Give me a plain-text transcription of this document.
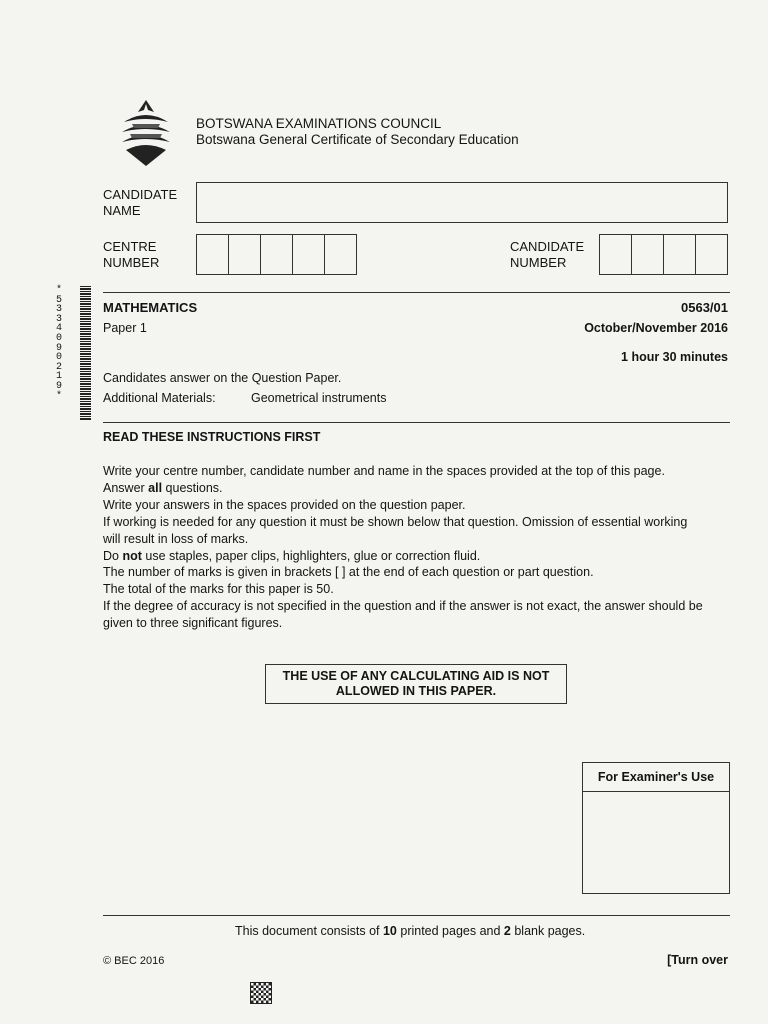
BOTSWANA EXAMINATIONS COUNCIL
Botswana General Certificate of Secondary Education
CANDIDATE
NAME
CENTRE
NUMBER
CANDIDATE
NUMBER
*
5
3
3
4
0
9
0
2
1
9
*
MATHEMATICS	0563/01
Paper 1	October/November 2016
1 hour 30 minutes
Candidates answer on the Question Paper.
Additional Materials:	Geometrical instruments
READ THESE INSTRUCTIONS FIRST

Write your centre number, candidate number and name in the spaces provided at the top of this page.

Answer all questions.

Write your answers in the spaces provided on the question paper.

If working is needed for any question it must be shown below that question. Omission of essential working

will result in loss of marks.

Do not use staples, paper clips, highlighters, glue or correction fluid.

The number of marks is given in brackets [ ] at the end of each question or part question.

The total of the marks for this paper is 50.

If the degree of accuracy is not specified in the question and if the answer is not exact, the answer should be

given to three significant figures.

THE USE OF ANY CALCULATING AID IS NOT
ALLOWED IN THIS PAPER.
For Examiner's Use
This document consists of 10 printed pages and 2 blank pages.
© BEC 2016	[Turn over
